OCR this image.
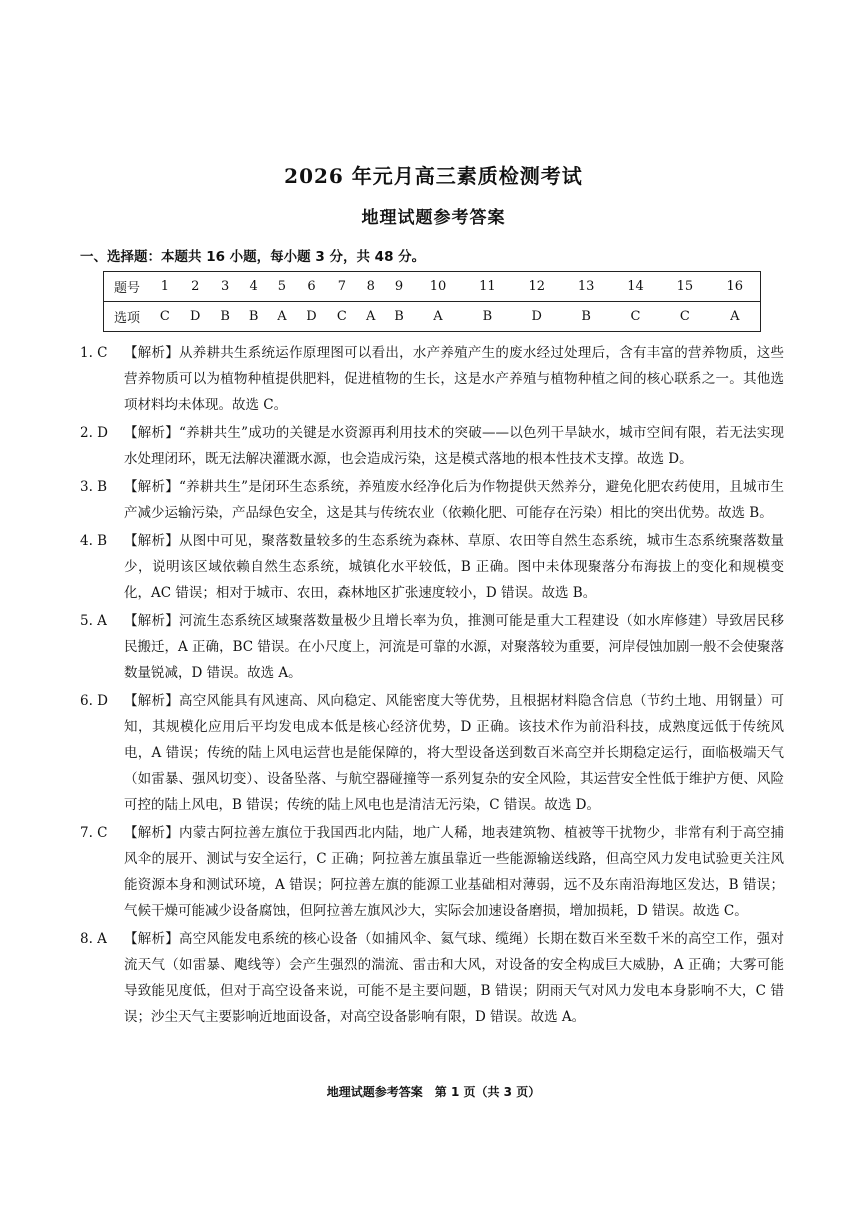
2026 年元月高三素质检测考试
地理试题参考答案
一、选择题：本题共 16 小题，每小题 3 分，共 48 分。
题号	1	2	3	4	5	6	7	8	9	10	11	12	13	14	15	16
选项	C	D	B	B	A	D	C	A	B	A	B	D	B	C	C	A
1. C	【解析】从养耕共生系统运作原理图可以看出，水产养殖产生的废水经过处理后，含有丰富的营养物质，这些营养物质可以为植物种植提供肥料，促进植物的生长，这是水产养殖与植物种植之间的核心联系之一。其他选项材料均未体现。故选 C。
2. D	【解析】“养耕共生”成功的关键是水资源再利用技术的突破——以色列干旱缺水，城市空间有限，若无法实现水处理闭环，既无法解决灌溉水源，也会造成污染，这是模式落地的根本性技术支撑。故选 D。
3. B	【解析】“养耕共生”是闭环生态系统，养殖废水经净化后为作物提供天然养分，避免化肥农药使用，且城市生产减少运输污染，产品绿色安全，这是其与传统农业（依赖化肥、可能存在污染）相比的突出优势。故选 B。
4. B	【解析】从图中可见，聚落数量较多的生态系统为森林、草原、农田等自然生态系统，城市生态系统聚落数量少，说明该区域依赖自然生态系统，城镇化水平较低，B 正确。图中未体现聚落分布海拔上的变化和规模变化，AC 错误；相对于城市、农田，森林地区扩张速度较小，D 错误。故选 B。
5. A	【解析】河流生态系统区域聚落数量极少且增长率为负，推测可能是重大工程建设（如水库修建）导致居民移民搬迁，A 正确，BC 错误。在小尺度上，河流是可靠的水源，对聚落较为重要，河岸侵蚀加剧一般不会使聚落数量锐减，D 错误。故选 A。
6. D	【解析】高空风能具有风速高、风向稳定、风能密度大等优势，且根据材料隐含信息（节约土地、用钢量）可知，其规模化应用后平均发电成本低是核心经济优势，D 正确。该技术作为前沿科技，成熟度远低于传统风电，A 错误；传统的陆上风电运营也是能保障的，将大型设备送到数百米高空并长期稳定运行，面临极端天气（如雷暴、强风切变）、设备坠落、与航空器碰撞等一系列复杂的安全风险，其运营安全性低于维护方便、风险可控的陆上风电，B 错误；传统的陆上风电也是清洁无污染，C 错误。故选 D。
7. C	【解析】内蒙古阿拉善左旗位于我国西北内陆，地广人稀，地表建筑物、植被等干扰物少，非常有利于高空捕风伞的展开、测试与安全运行，C 正确；阿拉善左旗虽靠近一些能源输送线路，但高空风力发电试验更关注风能资源本身和测试环境，A 错误；阿拉善左旗的能源工业基础相对薄弱，远不及东南沿海地区发达，B 错误；气候干燥可能减少设备腐蚀，但阿拉善左旗风沙大，实际会加速设备磨损，增加损耗，D 错误。故选 C。
8. A	【解析】高空风能发电系统的核心设备（如捕风伞、氦气球、缆绳）长期在数百米至数千米的高空工作，强对流天气（如雷暴、飑线等）会产生强烈的湍流、雷击和大风，对设备的安全构成巨大威胁，A 正确；大雾可能导致能见度低，但对于高空设备来说，可能不是主要问题，B 错误；阴雨天气对风力发电本身影响不大，C 错误；沙尘天气主要影响近地面设备，对高空设备影响有限，D 错误。故选 A。
地理试题参考答案　第 1 页（共 3 页）
